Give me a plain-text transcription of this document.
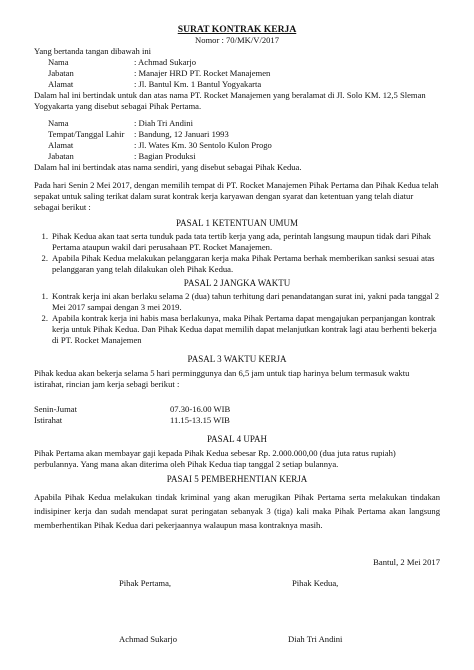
SURAT KONTRAK KERJA
Nomor : 70/MK/V/2017
Yang bertanda tangan dibawah ini
Nama	: Achmad Sukarjo
Jabatan	: Manajer HRD PT. Rocket Manajemen
Alamat	: Jl. Bantul Km. 1 Bantul Yogyakarta
Dalam hal ini bertindak untuk dan atas nama PT. Rocket Manajemen yang beralamat di Jl. Solo KM. 12,5 Sleman Yogyakarta yang disebut sebagai Pihak Pertama.
Nama	: Diah Tri Andini
Tempat/Tanggal Lahir : Bandung, 12 Januari 1993
Alamat	: Jl. Wates Km. 30 Sentolo Kulon Progo
Jabatan	: Bagian Produksi
Dalam hal ini bertindak atas nama sendiri, yang disebut sebagai Pihak Kedua.
Pada hari Senin 2 Mei 2017, dengan memilih tempat di PT. Rocket Manajemen Pihak Pertama dan Pihak Kedua telah sepakat untuk saling terikat dalam surat kontrak kerja karyawan dengan syarat dan ketentuan yang telah diatur sebagai berikut :
PASAL 1 KETENTUAN UMUM
1. Pihak Kedua akan taat serta tunduk pada tata tertib kerja yang ada, perintah langsung maupun tidak dari Pihak Pertama ataupun wakil dari perusahaan PT. Rocket Manajemen.
2. Apabila Pihak Kedua melakukan pelanggaran kerja maka Pihak Pertama berhak memberikan sanksi sesuai atas pelanggaran yang telah dilakukan oleh Pihak Kedua.
PASAL 2 JANGKA WAKTU
1. Kontrak kerja ini akan berlaku selama 2 (dua) tahun terhitung dari penandatangan surat ini, yakni pada tanggal 2 Mei 2017 sampai dengan 3 mei 2019.
2. Apabila kontrak kerja ini habis masa berlakunya, maka Pihak Pertama dapat mengajukan perpanjangan kontrak kerja untuk Pihak Kedua. Dan Pihak Kedua dapat memilih dapat melanjutkan kontrak lagi atau berhenti bekerja di PT. Rocket Manajemen
PASAL 3 WAKTU KERJA
Pihak kedua akan bekerja selama 5 hari perminggunya dan 6,5 jam untuk tiap harinya belum termasuk waktu istirahat, rincian jam kerja sebagi berikut :
Senin-Jumat	07.30-16.00 WIB
Istirahat	11.15-13.15 WIB
PASAL 4 UPAH
Pihak Pertama akan membayar gaji kepada Pihak Kedua sebesar Rp. 2.000.000,00 (dua juta ratus rupiah) perbulannya. Yang mana akan diterima oleh Pihak Kedua tiap tanggal 2 setiap bulannya.
PASAI 5 PEMBERHENTIAN KERJA
Apabila Pihak Kedua melakukan tindak kriminal yang akan merugikan Pihak Pertama serta melakukan tindakan indisipiner kerja dan sudah mendapat surat peringatan sebanyak 3 (tiga) kali maka Pihak Pertama akan langsung memberhentikan Pihak Kedua dari pekerjaannya walaupun masa kontraknya masih.
Bantul, 2 Mei 2017
Pihak Pertama,	Pihak Kedua,
Achmad Sukarjo	Diah Tri Andini
